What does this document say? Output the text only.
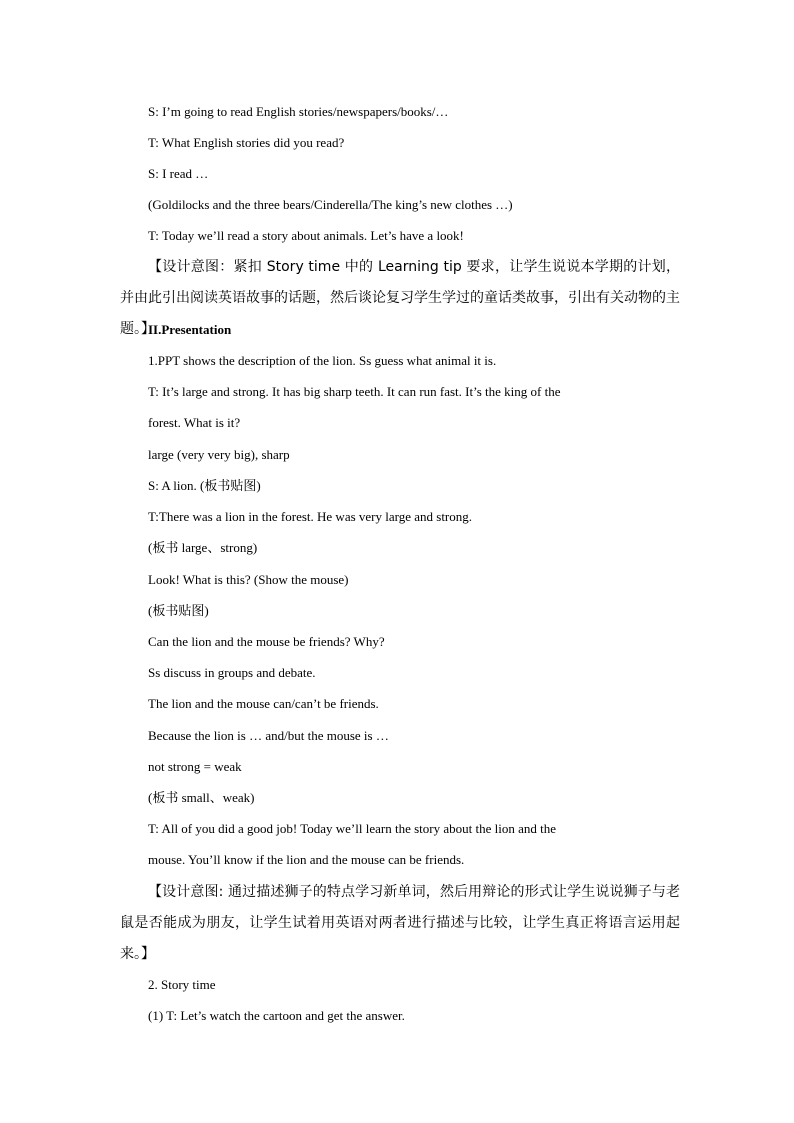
S: I’m going to read English stories/newspapers/books/…
T: What English stories did you read?
S: I read …
(Goldilocks and the three bears/Cinderella/The king’s new clothes …)
T: Today we’ll read a story about animals. Let’s have a look!
【设计意图：紧扣 Story time 中的 Learning tip 要求，让学生说说本学期的计划，并由此引出阅读英语故事的话题，然后谈论复习学生学过的童话类故事，引出有关动物的主题。】
II.Presentation
1.PPT shows the description of the lion. Ss guess what animal it is.
T: It’s large and strong. It has big sharp teeth. It can run fast. It’s the king of the
forest. What is it?
large (very very big), sharp
S: A lion. (板书贴图)
T:There was a lion in the forest. He was very large and strong.
(板书 large、strong)
Look! What is this? (Show the mouse)
(板书贴图)
Can the lion and the mouse be friends? Why?
Ss discuss in groups and debate.
The lion and the mouse can/can’t be friends.
Because the lion is … and/but the mouse is …
not strong = weak
(板书 small、weak)
T: All of you did a good job! Today we’ll learn the story about the lion and the
mouse. You’ll know if the lion and the mouse can be friends.
【设计意图: 通过描述狮子的特点学习新单词，然后用辩论的形式让学生说说狮子与老鼠是否能成为朋友，让学生试着用英语对两者进行描述与比较，让学生真正将语言运用起来。】
2. Story time
(1) T: Let’s watch the cartoon and get the answer.
